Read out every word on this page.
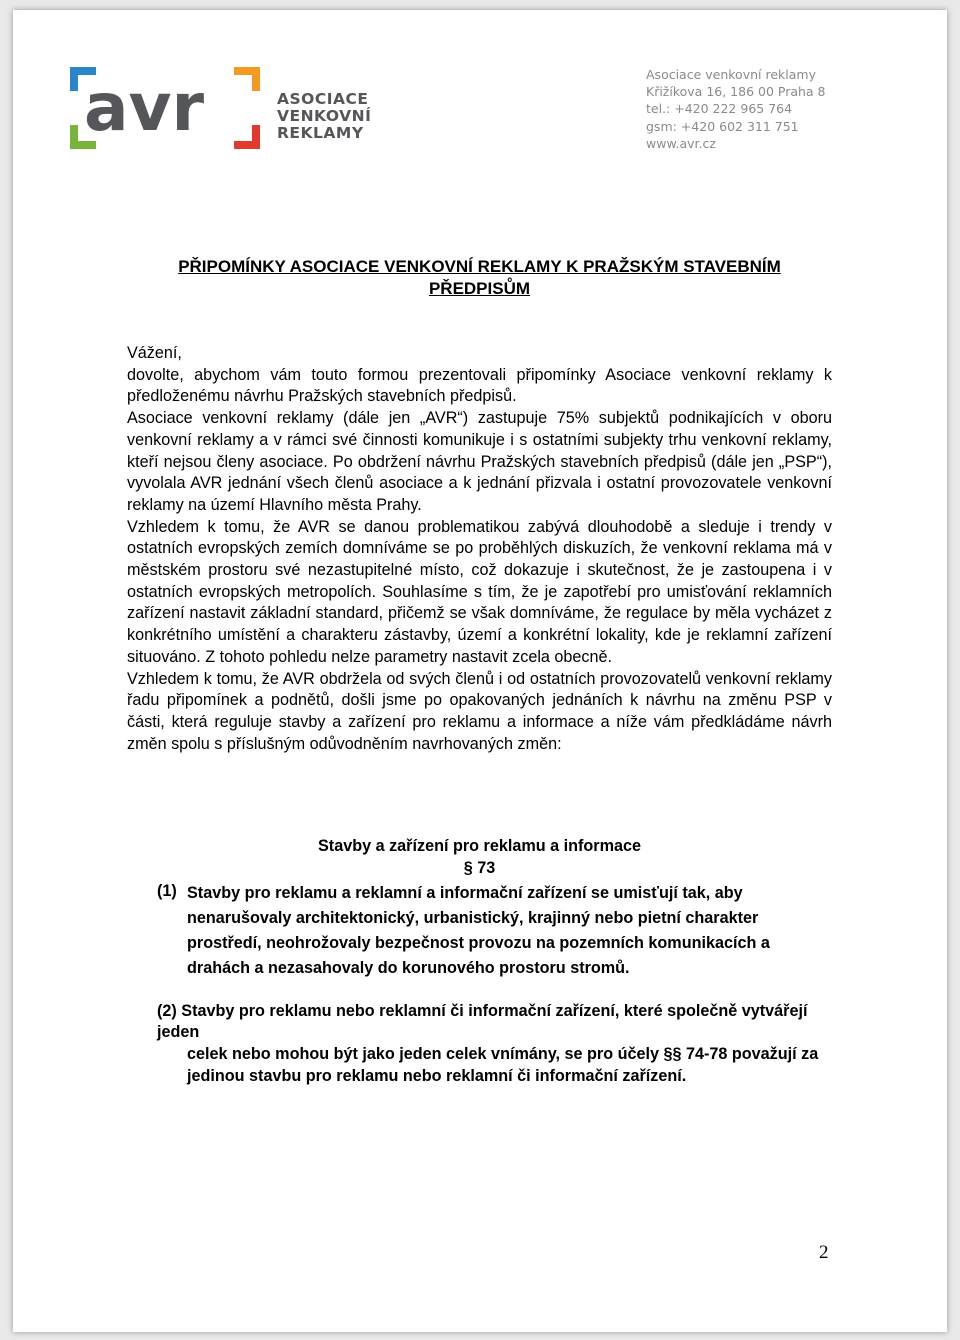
avr	ASOCIACE
VENKOVNÍ
REKLAMY
Asociace venkovní reklamy
Křižíkova 16, 186 00 Praha 8
tel.: +420 222 965 764
gsm: +420 602 311 751
www.avr.cz
PŘIPOMÍNKY ASOCIACE VENKOVNÍ REKLAMY K PRAŽSKÝM STAVEBNÍM
PŘEDPISŮM

Vážení,

dovolte, abychom vám touto formou prezentovali připomínky Asociace venkovní reklamy k předloženému návrhu Pražských stavebních předpisů.

Asociace venkovní reklamy (dále jen „AVR“) zastupuje 75% subjektů podnikajících v oboru venkovní reklamy a v rámci své činnosti komunikuje i s ostatními subjekty trhu venkovní reklamy, kteří nejsou členy asociace. Po obdržení návrhu Pražských stavebních předpisů (dále jen „PSP“), vyvolala AVR jednání všech členů asociace a k jednání přizvala i ostatní provozovatele venkovní reklamy na území Hlavního města Prahy.

Vzhledem k tomu, že AVR se danou problematikou zabývá dlouhodobě a sleduje i trendy v ostatních evropských zemích domníváme se po proběhlých diskuzích, že venkovní reklama má v městském prostoru své nezastupitelné místo, což dokazuje i skutečnost, že je zastoupena i v ostatních evropských metropolích. Souhlasíme s tím, že je zapotřebí pro umisťování reklamních zařízení nastavit základní standard, přičemž se však domníváme, že regulace by měla vycházet z konkrétního umístění a charakteru zástavby, území a konkrétní lokality, kde je reklamní zařízení situováno. Z tohoto pohledu nelze parametry nastavit zcela obecně.

Vzhledem k tomu, že AVR obdržela od svých členů i od ostatních provozovatelů venkovní reklamy řadu připomínek a podnětů, došli jsme po opakovaných jednáních k návrhu na změnu PSP v části, která reguluje stavby a zařízení pro reklamu a informace a níže vám předkládáme návrh změn spolu s příslušným odůvodněním navrhovaných změn:

Stavby a zařízení pro reklamu a informace
§ 73
(1) Stavby pro reklamu a reklamní a informační zařízení se umisťují tak, aby nenarušovaly architektonický, urbanistický, krajinný nebo pietní charakter prostředí, neohrožovaly bezpečnost provozu na pozemních komunikacích a drahách a nezasahovaly do korunového prostoru stromů.
(2) Stavby pro reklamu nebo reklamní či informační zařízení, které společně vytvářejí jeden
celek nebo mohou být jako jeden celek vnímány, se pro účely §§ 74-78 považují za jedinou stavbu pro reklamu nebo reklamní či informační zařízení.
2
